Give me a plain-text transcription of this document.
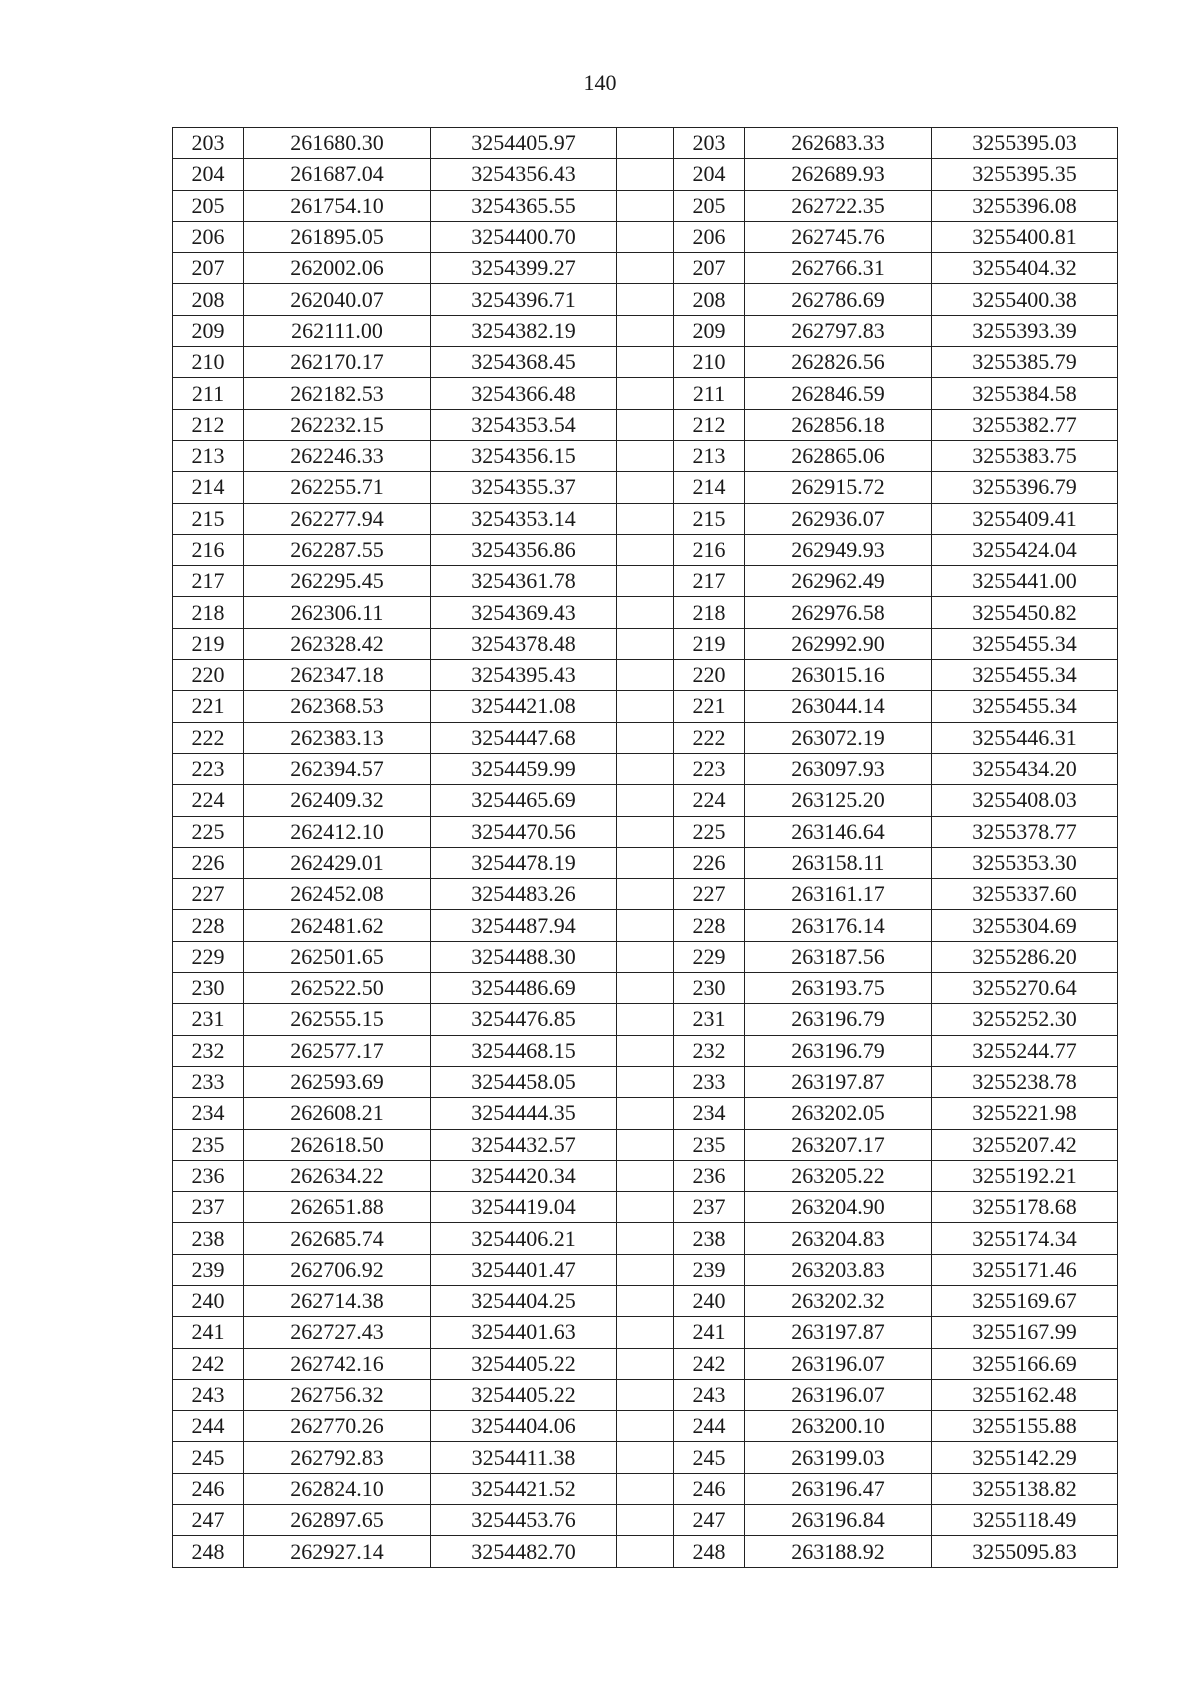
140
203	261680.30	3254405.97		203	262683.33	3255395.03
204	261687.04	3254356.43		204	262689.93	3255395.35
205	261754.10	3254365.55		205	262722.35	3255396.08
206	261895.05	3254400.70		206	262745.76	3255400.81
207	262002.06	3254399.27		207	262766.31	3255404.32
208	262040.07	3254396.71		208	262786.69	3255400.38
209	262111.00	3254382.19		209	262797.83	3255393.39
210	262170.17	3254368.45		210	262826.56	3255385.79
211	262182.53	3254366.48		211	262846.59	3255384.58
212	262232.15	3254353.54		212	262856.18	3255382.77
213	262246.33	3254356.15		213	262865.06	3255383.75
214	262255.71	3254355.37		214	262915.72	3255396.79
215	262277.94	3254353.14		215	262936.07	3255409.41
216	262287.55	3254356.86		216	262949.93	3255424.04
217	262295.45	3254361.78		217	262962.49	3255441.00
218	262306.11	3254369.43		218	262976.58	3255450.82
219	262328.42	3254378.48		219	262992.90	3255455.34
220	262347.18	3254395.43		220	263015.16	3255455.34
221	262368.53	3254421.08		221	263044.14	3255455.34
222	262383.13	3254447.68		222	263072.19	3255446.31
223	262394.57	3254459.99		223	263097.93	3255434.20
224	262409.32	3254465.69		224	263125.20	3255408.03
225	262412.10	3254470.56		225	263146.64	3255378.77
226	262429.01	3254478.19		226	263158.11	3255353.30
227	262452.08	3254483.26		227	263161.17	3255337.60
228	262481.62	3254487.94		228	263176.14	3255304.69
229	262501.65	3254488.30		229	263187.56	3255286.20
230	262522.50	3254486.69		230	263193.75	3255270.64
231	262555.15	3254476.85		231	263196.79	3255252.30
232	262577.17	3254468.15		232	263196.79	3255244.77
233	262593.69	3254458.05		233	263197.87	3255238.78
234	262608.21	3254444.35		234	263202.05	3255221.98
235	262618.50	3254432.57		235	263207.17	3255207.42
236	262634.22	3254420.34		236	263205.22	3255192.21
237	262651.88	3254419.04		237	263204.90	3255178.68
238	262685.74	3254406.21		238	263204.83	3255174.34
239	262706.92	3254401.47		239	263203.83	3255171.46
240	262714.38	3254404.25		240	263202.32	3255169.67
241	262727.43	3254401.63		241	263197.87	3255167.99
242	262742.16	3254405.22		242	263196.07	3255166.69
243	262756.32	3254405.22		243	263196.07	3255162.48
244	262770.26	3254404.06		244	263200.10	3255155.88
245	262792.83	3254411.38		245	263199.03	3255142.29
246	262824.10	3254421.52		246	263196.47	3255138.82
247	262897.65	3254453.76		247	263196.84	3255118.49
248	262927.14	3254482.70		248	263188.92	3255095.83
